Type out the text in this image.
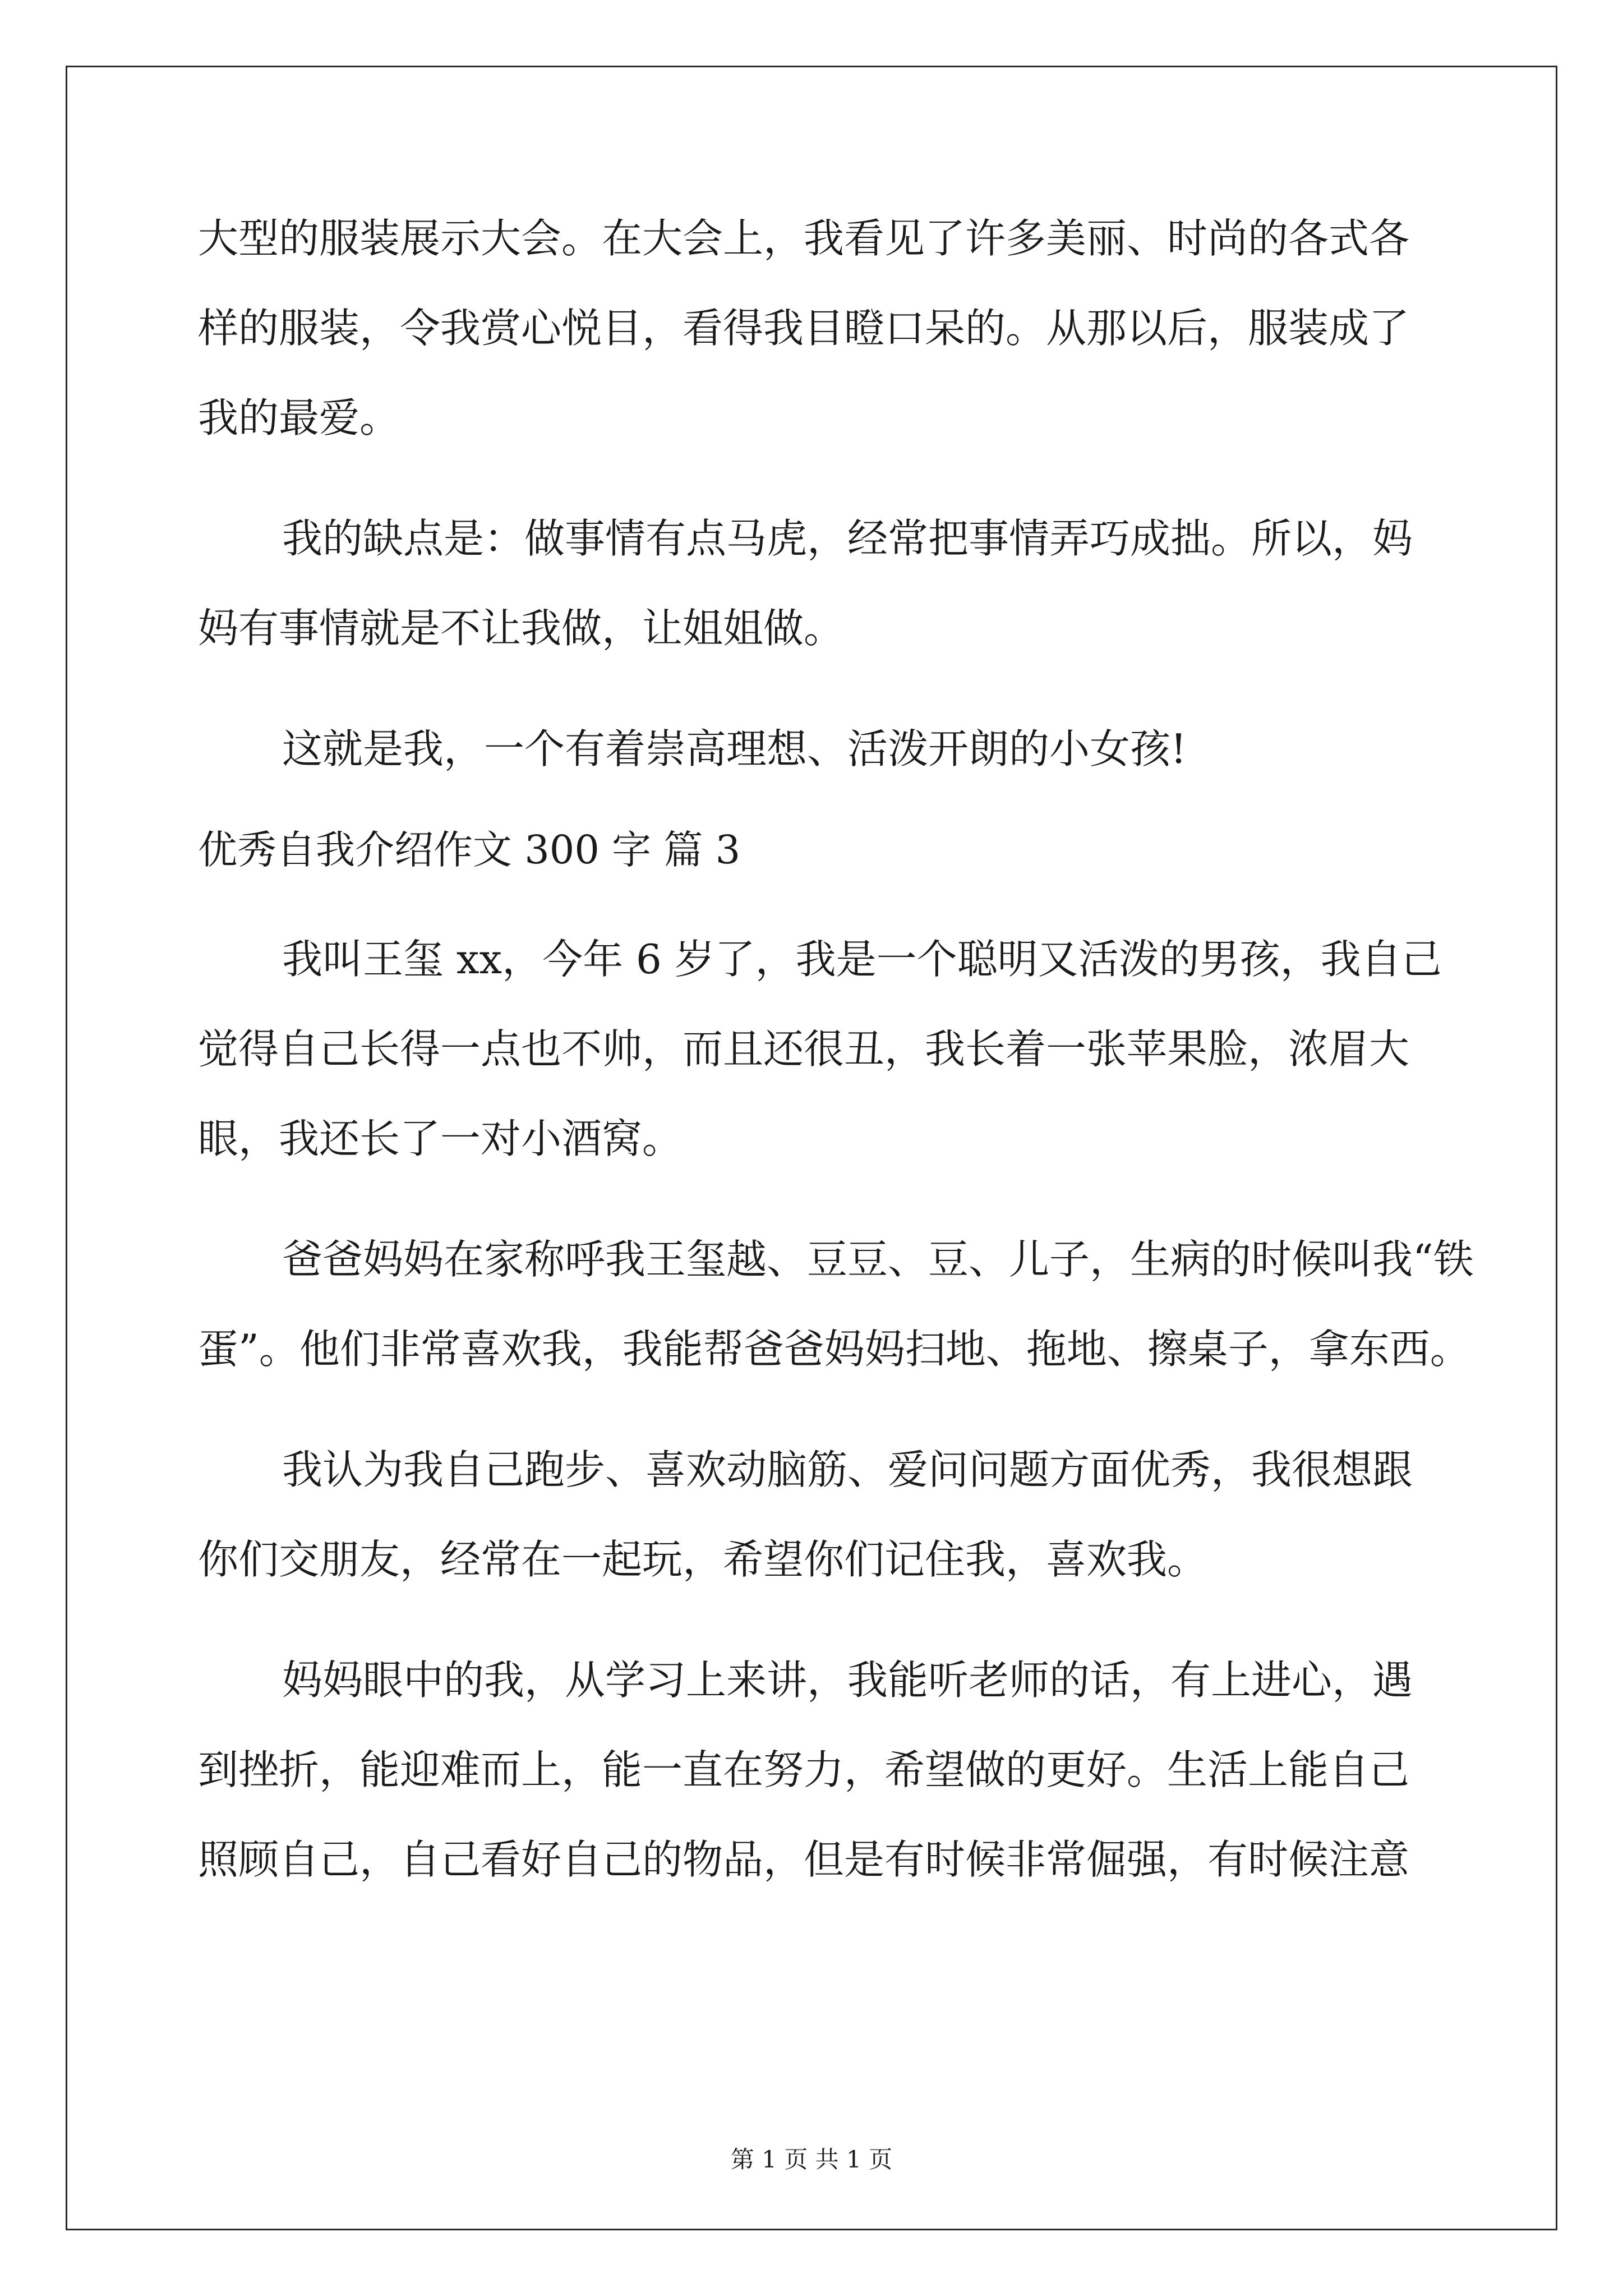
大型的服装展示大会。在大会上，我看见了许多美丽、时尚的各式各
样的服装，令我赏心悦目，看得我目瞪口呆的。从那以后，服装成了
我的最爱。
我的缺点是：做事情有点马虎，经常把事情弄巧成拙。所以，妈
妈有事情就是不让我做，让姐姐做。
这就是我，一个有着崇高理想、活泼开朗的小女孩!
优秀自我介绍作文 300 字 篇 3
我叫王玺 xx，今年 6 岁了，我是一个聪明又活泼的男孩，我自己
觉得自己长得一点也不帅，而且还很丑，我长着一张苹果脸，浓眉大
眼，我还长了一对小酒窝。
爸爸妈妈在家称呼我王玺越、豆豆、豆、儿子，生病的时候叫我“铁
蛋”。他们非常喜欢我，我能帮爸爸妈妈扫地、拖地、擦桌子，拿东西。
我认为我自己跑步、喜欢动脑筋、爱问问题方面优秀，我很想跟
你们交朋友，经常在一起玩，希望你们记住我，喜欢我。
妈妈眼中的我，从学习上来讲，我能听老师的话，有上进心，遇
到挫折，能迎难而上，能一直在努力，希望做的更好。生活上能自己
照顾自己，自己看好自己的物品，但是有时候非常倔强，有时候注意
第 1 页 共 1 页
